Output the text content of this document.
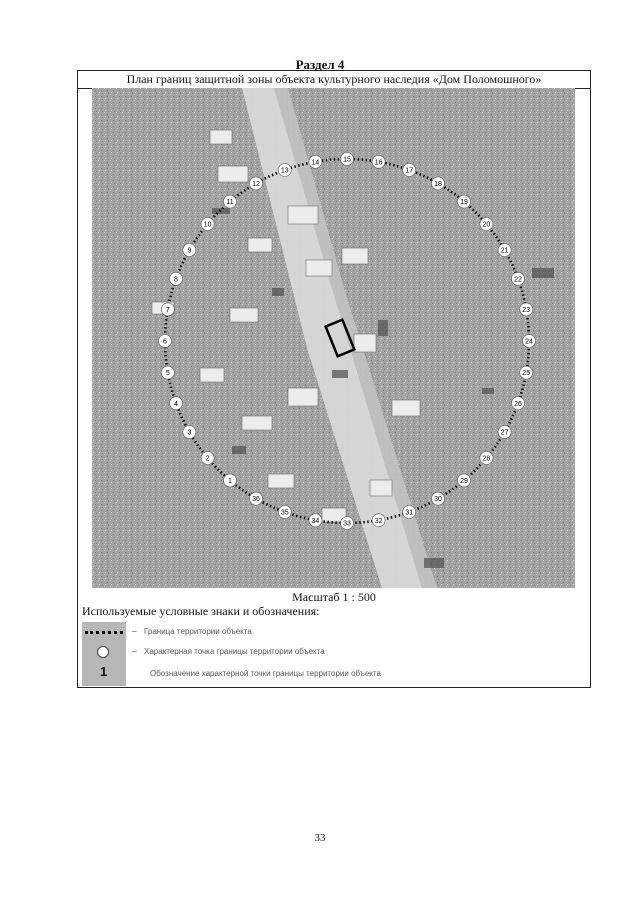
Раздел 4
План границ защитной зоны объекта культурного наследия «Дом Поломошного»
1
2
3
4
5
6
7
8
9
10
11
12
13
14	15	16
17
18
19
20
21
22
23
24
25
26
27
28
29
30
31
32
33
34
35
36
Масштаб 1 : 500
Используемые условные знаки и обозначения:
– Граница территории объекта
– Характерная точка границы территории объекта
1	Обозначение характерной точки границы территории объекта
33
